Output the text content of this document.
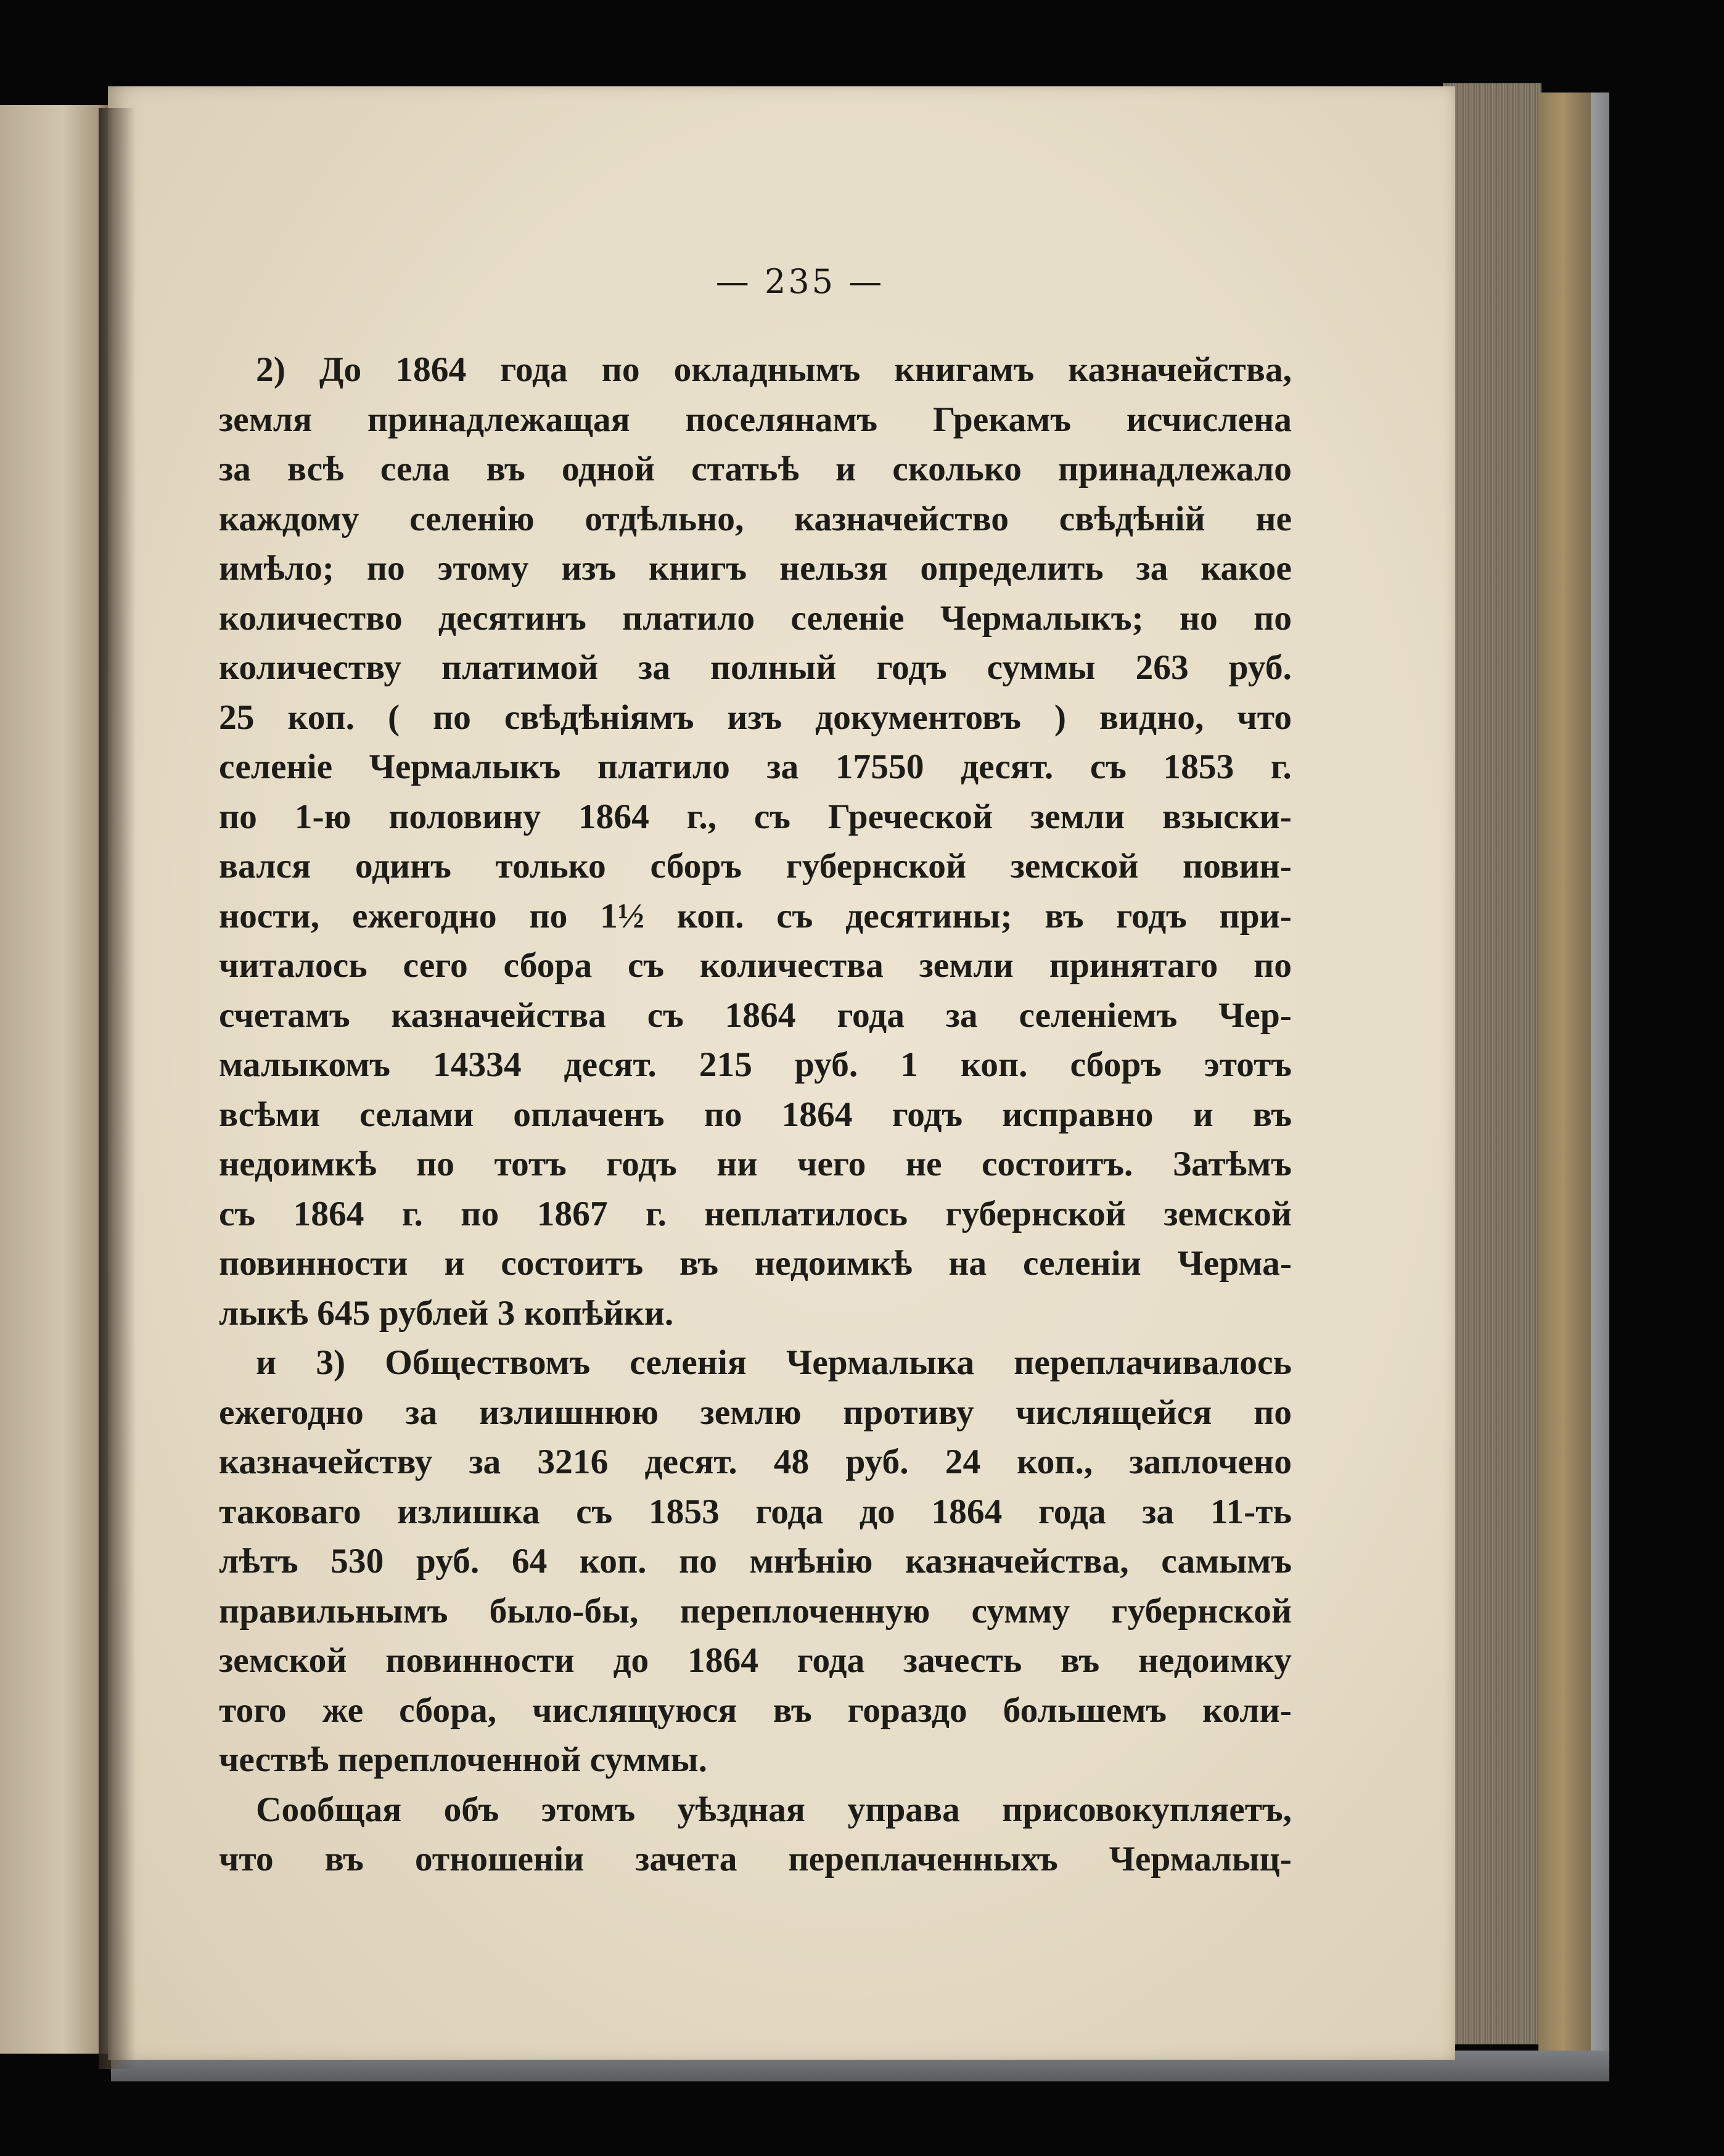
— 235 —
2) До 1864 года по окладнымъ книгамъ казначейства,
земля принадлежащая поселянамъ Грекамъ исчислена
за всѣ села въ одной статьѣ и сколько принадлежало
каждому селенію отдѣльно, казначейство свѣдѣній не
имѣло; по этому изъ книгъ нельзя определить за какое
количество десятинъ платило селеніе Чермалыкъ; но по
количеству платимой за полный годъ суммы 263 руб.
25 коп. ( по свѣдѣніямъ изъ документовъ ) видно, что
селеніе Чермалыкъ платило за 17550 десят. съ 1853 г.
по 1-ю половину 1864 г., съ Греческой земли взыски-
вался одинъ только сборъ губернской земской повин-
ности, ежегодно по 1½ коп. съ десятины; въ годъ при-
читалось сего сбора съ количества земли принятаго по
счетамъ казначейства съ 1864 года за селеніемъ Чер-
малыкомъ 14334 десят. 215 руб. 1 коп. сборъ этотъ
всѣми селами оплаченъ по 1864 годъ исправно и въ
недоимкѣ по тотъ годъ ни чего не состоитъ. Затѣмъ
съ 1864 г. по 1867 г. неплатилось губернской земской
повинности и состоитъ въ недоимкѣ на селеніи Черма-
лыкѣ 645 рублей 3 копѣйки.
и 3) Обществомъ селенія Чермалыка переплачивалось
ежегодно за излишнюю землю противу числящейся по
казначейству за 3216 десят. 48 руб. 24 коп., заплочено
таковаго излишка съ 1853 года до 1864 года за 11-ть
лѣтъ 530 руб. 64 коп. по мнѣнію казначейства, самымъ
правильнымъ было-бы, переплоченную сумму губернской
земской повинности до 1864 года зачесть въ недоимку
того же сбора, числящуюся въ гораздо большемъ коли-
чествѣ переплоченной суммы.
Сообщая объ этомъ уѣздная управа присовокупляетъ,
что въ отношеніи зачета переплаченныхъ Чермалыц-
